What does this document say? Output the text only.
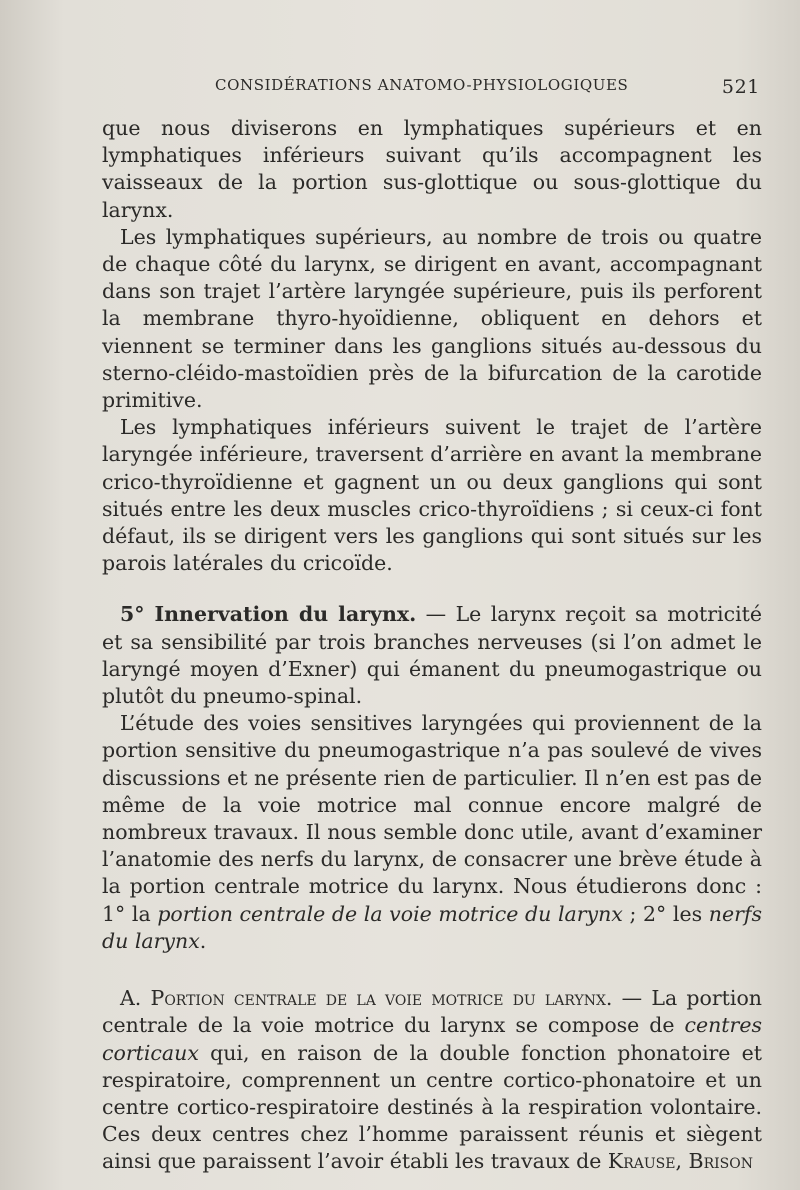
CONSIDÉRATIONS ANATOMO-PHYSIOLOGIQUES	521

que nous diviserons en lymphatiques supérieurs et en lymphatiques inférieurs suivant qu’ils accompagnent les vaisseaux de la portion sus-glottique ou sous-glottique du larynx.

Les lymphatiques supérieurs, au nombre de trois ou quatre de chaque côté du larynx, se dirigent en avant, accompagnant dans son trajet l’artère laryngée supérieure, puis ils perforent la membrane thyro-hyoïdienne, obliquent en dehors et viennent se terminer dans les ganglions situés au-dessous du sterno-cléido-mastoïdien près de la bifurcation de la carotide primitive.

Les lymphatiques inférieurs suivent le trajet de l’artère laryngée inférieure, traversent d’arrière en avant la membrane crico-thyroïdienne et gagnent un ou deux ganglions qui sont situés entre les deux muscles crico-thyroïdiens ; si ceux-ci font défaut, ils se dirigent vers les ganglions qui sont situés sur les parois latérales du cricoïde.

5° Innervation du larynx. — Le larynx reçoit sa motricité et sa sensibilité par trois branches nerveuses (si l’on admet le laryngé moyen d’Exner) qui émanent du pneumogastrique ou plutôt du pneumo-spinal.

L’étude des voies sensitives laryngées qui proviennent de la portion sensitive du pneumogastrique n’a pas soulevé de vives discussions et ne présente rien de particulier. Il n’en est pas de même de la voie motrice mal connue encore malgré de nombreux travaux. Il nous semble donc utile, avant d’examiner l’anatomie des nerfs du larynx, de consacrer une brève étude à la portion centrale motrice du larynx. Nous étudierons donc : 1° la portion centrale de la voie motrice du larynx ; 2° les nerfs du larynx.

A. Portion centrale de la voie motrice du larynx. — La portion centrale de la voie motrice du larynx se compose de centres corticaux qui, en raison de la double fonction phonatoire et respiratoire, comprennent un centre cortico-phonatoire et un centre cortico-respiratoire destinés à la respiration volontaire. Ces deux centres chez l’homme paraissent réunis et siègent ainsi que paraissent l’avoir établi les travaux de Krause, Brison
